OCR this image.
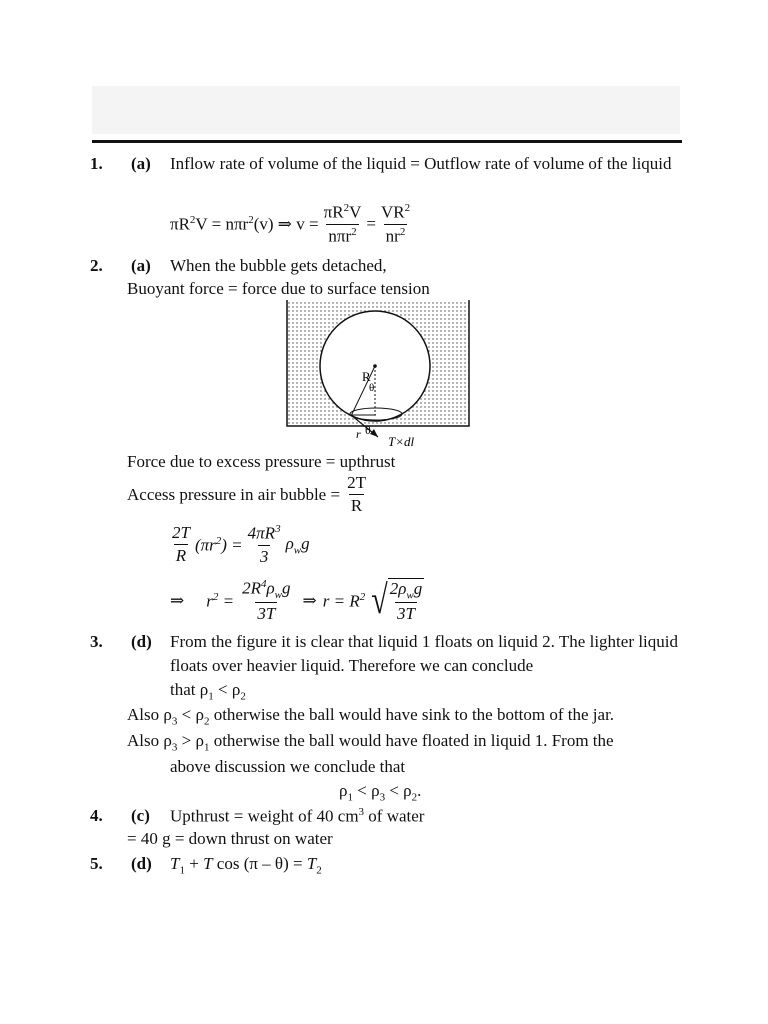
1. (a) Inflow rate of volume of the liquid = Outflow rate of volume of the liquid
$\pi R^2V = n\pi r^2(v)$ ⇒ $v = \frac{\pi R^2V}{n\pi r^2} = \frac{VR^2}{nr^2}$
2. (a) When the bubble gets detached,
Buoyant force = force due to surface tension
R
θ
r θ
T×dl
Force due to excess pressure = upthrust
Access pressure in air bubble = $\frac{2T}{R}$
$\frac{2T}{R} (\pi r^2) = \frac{4\pi R^3}{3} \rho_wg$
⇒ $r^2 = \frac{2R^4\rho_wg}{3T}$ ⇒ $r = R^2$ √ $\frac{2\rho_wg}{3T}$
3. (d) From the figure it is clear that liquid 1 floats on liquid 2. The lighter liquid floats over heavier liquid. Therefore we can conclude
that $\rho_1 < \rho_2$
Also $\rho_3 < \rho_2$ otherwise the ball would have sink to the bottom of the jar.
Also $\rho_3 > \rho_1$ otherwise the ball would have floated in liquid 1. From the
above discussion we conclude that
$\rho_1 < \rho_3 < \rho_2$.
4. (c) Upthrust = weight of 40 $cm^3$ of water
= 40 g = down thrust on water
5. (d) $T_1 + T$ $\cos (\pi - \theta) = T_2$
